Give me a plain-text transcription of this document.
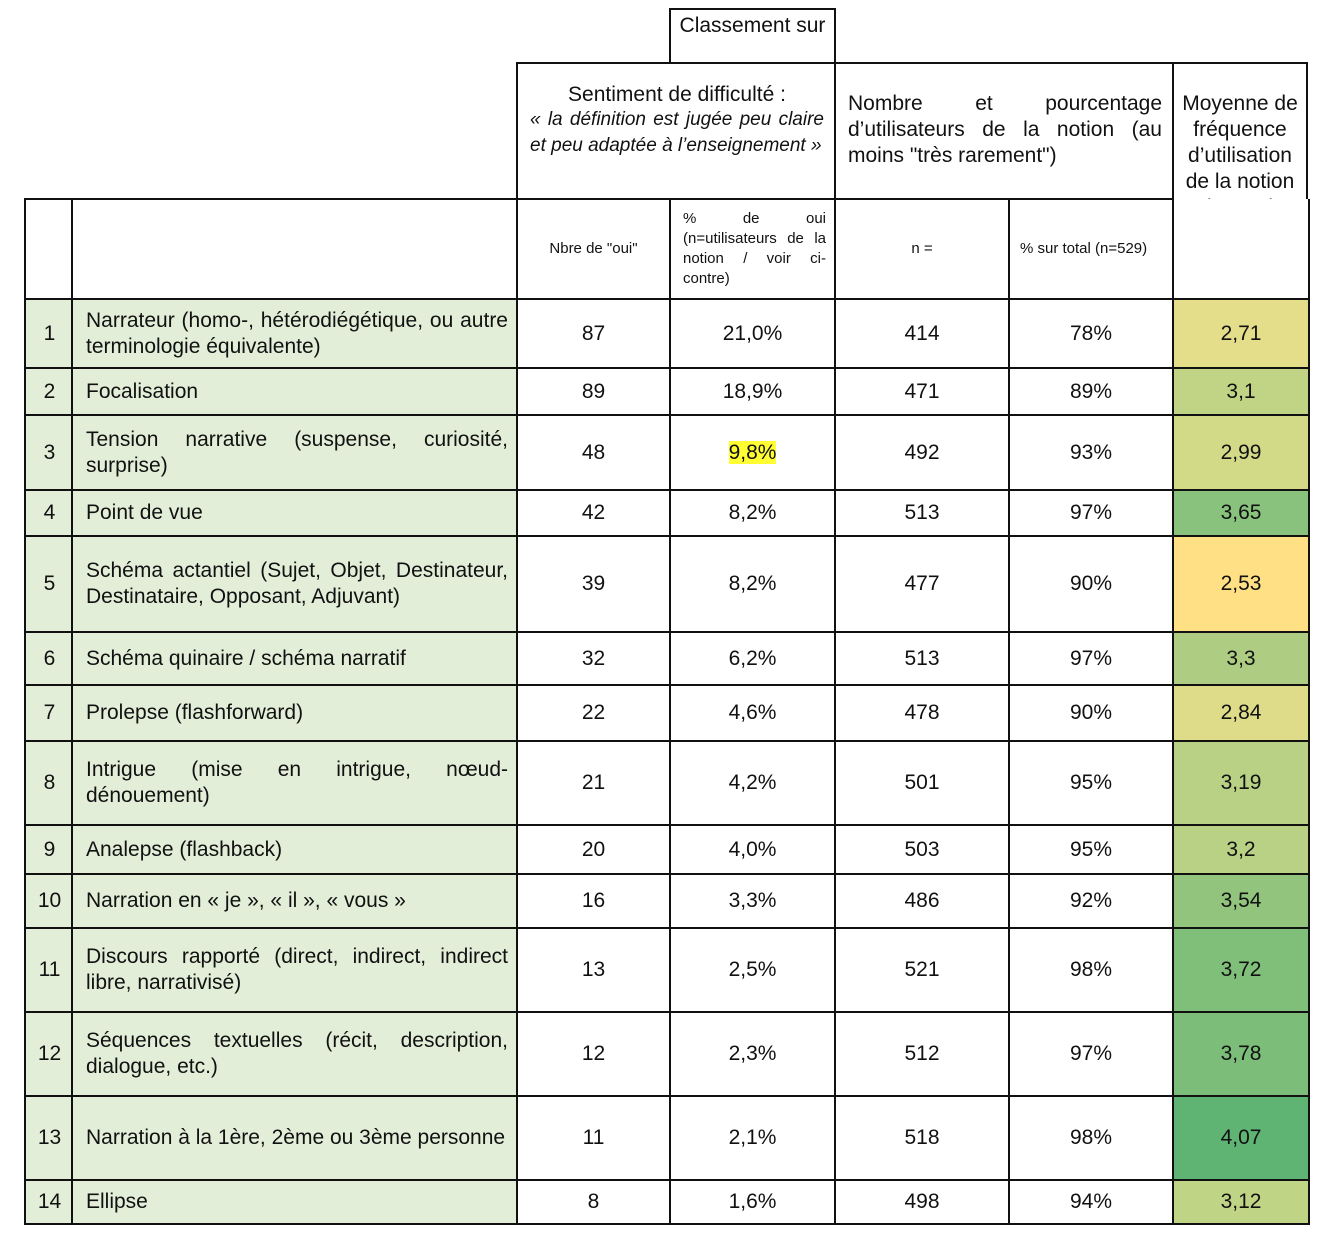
Classement sur
Sentiment de difficulté :
« la définition est jugée peu claire et peu adaptée à l’enseignement »
Nombre et pourcentage d’utilisateurs de la notion (au moins "très rarement")
Moyenne de fréquence d’utilisation de la notion
		Nbre de "oui"	% de oui (n=utilisateurs de la notion / voir ci-contre)	n =	% sur total (n=529)	
1	Narrateur (homo-, hétérodiégétique, ou autre terminologie équivalente)	87	21,0%	414	78%	2,71
2	Focalisation	89	18,9%	471	89%	3,1
3	Tension narrative (suspense, curiosité, surprise)	48	9,8%	492	93%	2,99
4	Point de vue	42	8,2%	513	97%	3,65
5	Schéma actantiel (Sujet, Objet, Destinateur, Destinataire, Opposant, Adjuvant)	39	8,2%	477	90%	2,53
6	Schéma quinaire / schéma narratif	32	6,2%	513	97%	3,3
7	Prolepse (flashforward)	22	4,6%	478	90%	2,84
8	Intrigue (mise en intrigue, nœud-dénouement)	21	4,2%	501	95%	3,19
9	Analepse (flashback)	20	4,0%	503	95%	3,2
10	Narration en « je », « il », « vous »	16	3,3%	486	92%	3,54
11	Discours rapporté (direct, indirect, indirect libre, narrativisé)	13	2,5%	521	98%	3,72
12	Séquences textuelles (récit, description, dialogue, etc.)	12	2,3%	512	97%	3,78
13	Narration à la 1ère, 2ème ou 3ème personne	11	2,1%	518	98%	4,07
14	Ellipse	8	1,6%	498	94%	3,12
